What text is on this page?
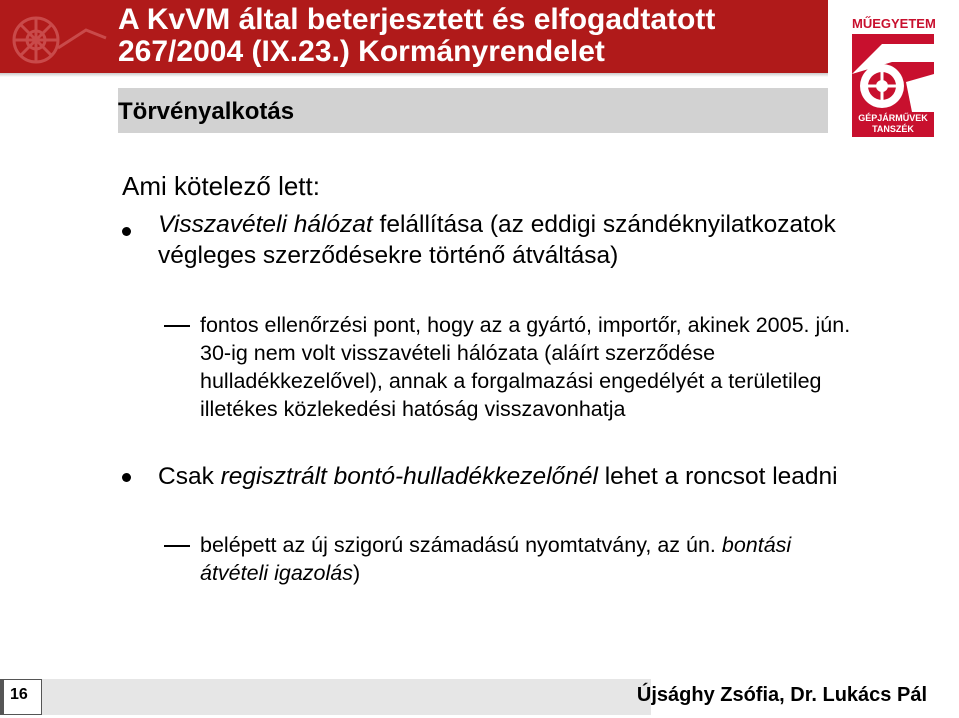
A KvVM által beterjesztett és elfogadtatott
267/2004 (IX.23.) Kormányrendelet
Törvényalkotás
MŰEGYETEM
GÉPJÁRMŰVEK
TANSZÉK

Ami kötelező lett:

Visszavételi hálózat felállítása (az eddigi szándéknyilatkozatok végleges szerződésekre történő átváltása)

fontos ellenőrzési pont, hogy az a gyártó, importőr, akinek 2005. jún. 30-ig nem volt visszavételi hálózata (aláírt szerződése hulladékkezelővel), annak a forgalmazási engedélyét a területileg illetékes közlekedési hatóság visszavonhatja

Csak regisztrált bontó-hulladékkezelőnél lehet a roncsot leadni

belépett az új szigorú számadású nyomtatvány, az ún. bontási átvételi igazolás)

16	Újsághy Zsófia, Dr. Lukács Pál
